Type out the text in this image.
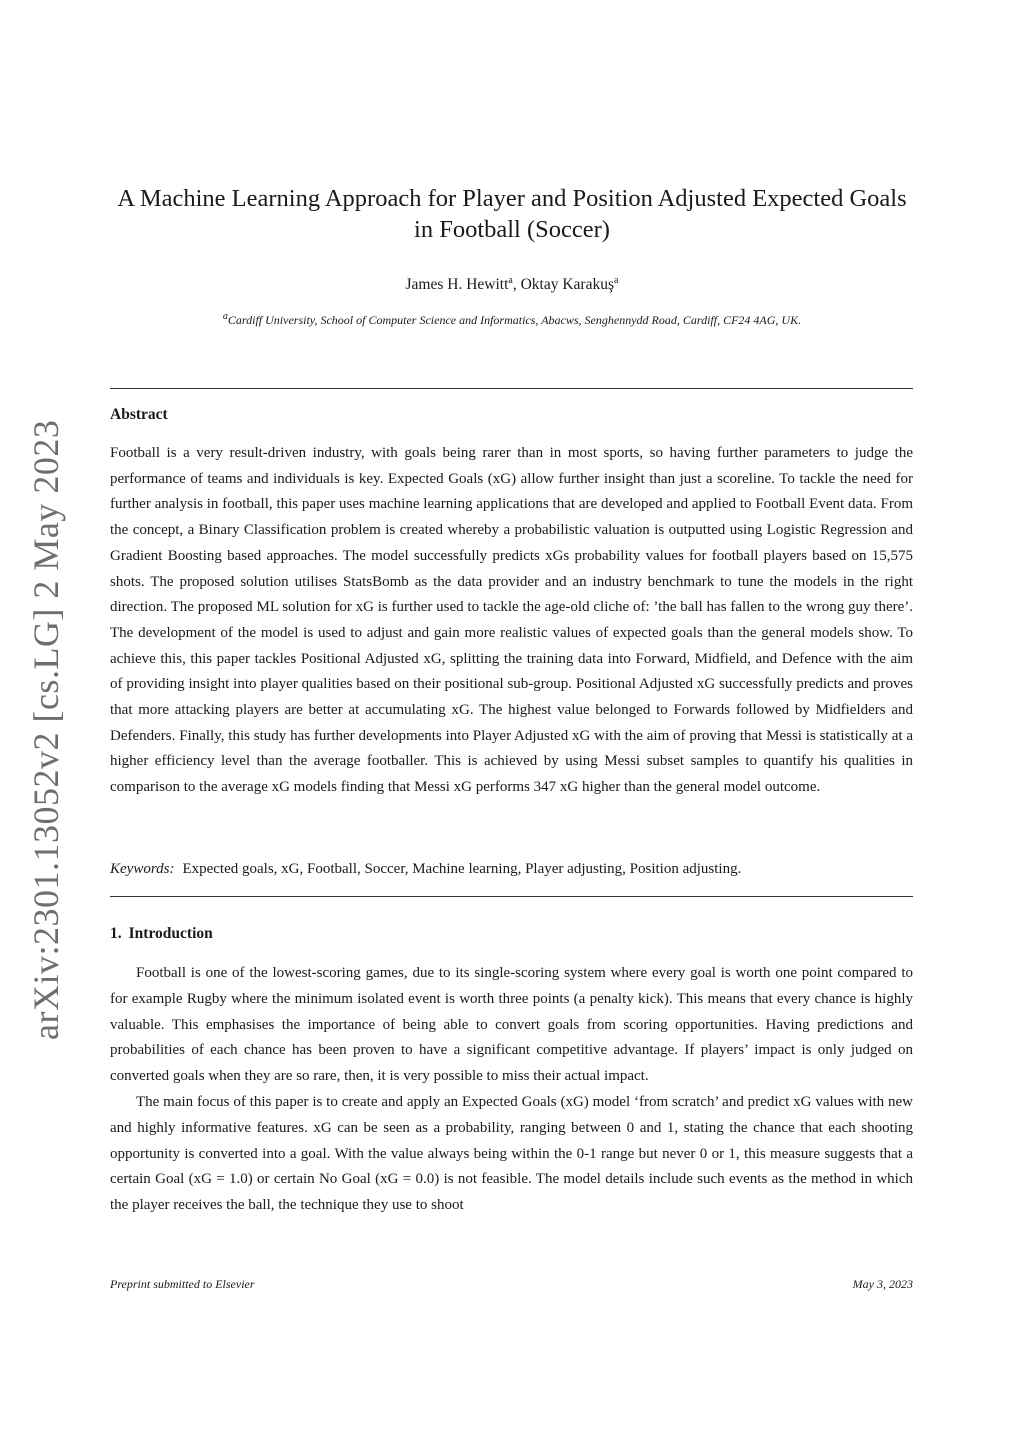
arXiv:2301.13052v2 [cs.LG] 2 May 2023
A Machine Learning Approach for Player and Position Adjusted Expected Goals in Football (Soccer)
James H. Hewitt$^a$, Oktay Karakuş$^a$
$^a$Cardiff University, School of Computer Science and Informatics, Abacws, Senghennydd Road, Cardiff, CF24 4AG, UK.
Abstract
Football is a very result-driven industry, with goals being rarer than in most sports, so having further parameters to judge the performance of teams and individuals is key. Expected Goals (xG) allow further insight than just a scoreline. To tackle the need for further analysis in football, this paper uses machine learning applications that are developed and applied to Football Event data. From the concept, a Binary Classification problem is created whereby a probabilistic valuation is outputted using Logistic Regression and Gradient Boosting based approaches. The model successfully predicts xGs probability values for football players based on 15,575 shots. The proposed solution utilises StatsBomb as the data provider and an industry benchmark to tune the models in the right direction. The proposed ML solution for xG is further used to tackle the age-old cliche of: ’the ball has fallen to the wrong guy there’. The development of the model is used to adjust and gain more realistic values of expected goals than the general models show. To achieve this, this paper tackles Positional Adjusted xG, splitting the training data into Forward, Midfield, and Defence with the aim of providing insight into player qualities based on their positional sub-group. Positional Adjusted xG successfully predicts and proves that more attacking players are better at accumulating xG. The highest value belonged to Forwards followed by Midfielders and Defenders. Finally, this study has further developments into Player Adjusted xG with the aim of proving that Messi is statistically at a higher efficiency level than the average footballer. This is achieved by using Messi subset samples to quantify his qualities in comparison to the average xG models finding that Messi xG performs 347 xG higher than the general model outcome.
Keywords: Expected goals, xG, Football, Soccer, Machine learning, Player adjusting, Position adjusting.
1. Introduction

Football is one of the lowest-scoring games, due to its single-scoring system where every goal is worth one point compared to for example Rugby where the minimum isolated event is worth three points (a penalty kick). This means that every chance is highly valuable. This emphasises the importance of being able to convert goals from scoring opportunities. Having predictions and probabilities of each chance has been proven to have a significant competitive advantage. If players’ impact is only judged on converted goals when they are so rare, then, it is very possible to miss their actual impact.

The main focus of this paper is to create and apply an Expected Goals (xG) model ‘from scratch’ and predict xG values with new and highly informative features. xG can be seen as a probability, ranging between 0 and 1, stating the chance that each shooting opportunity is converted into a goal. With the value always being within the 0-1 range but never 0 or 1, this measure suggests that a certain Goal (xG = 1.0) or certain No Goal (xG = 0.0) is not feasible. The model details include such events as the method in which the player receives the ball, the technique they use to shoot

Preprint submitted to Elsevier	May 3, 2023
